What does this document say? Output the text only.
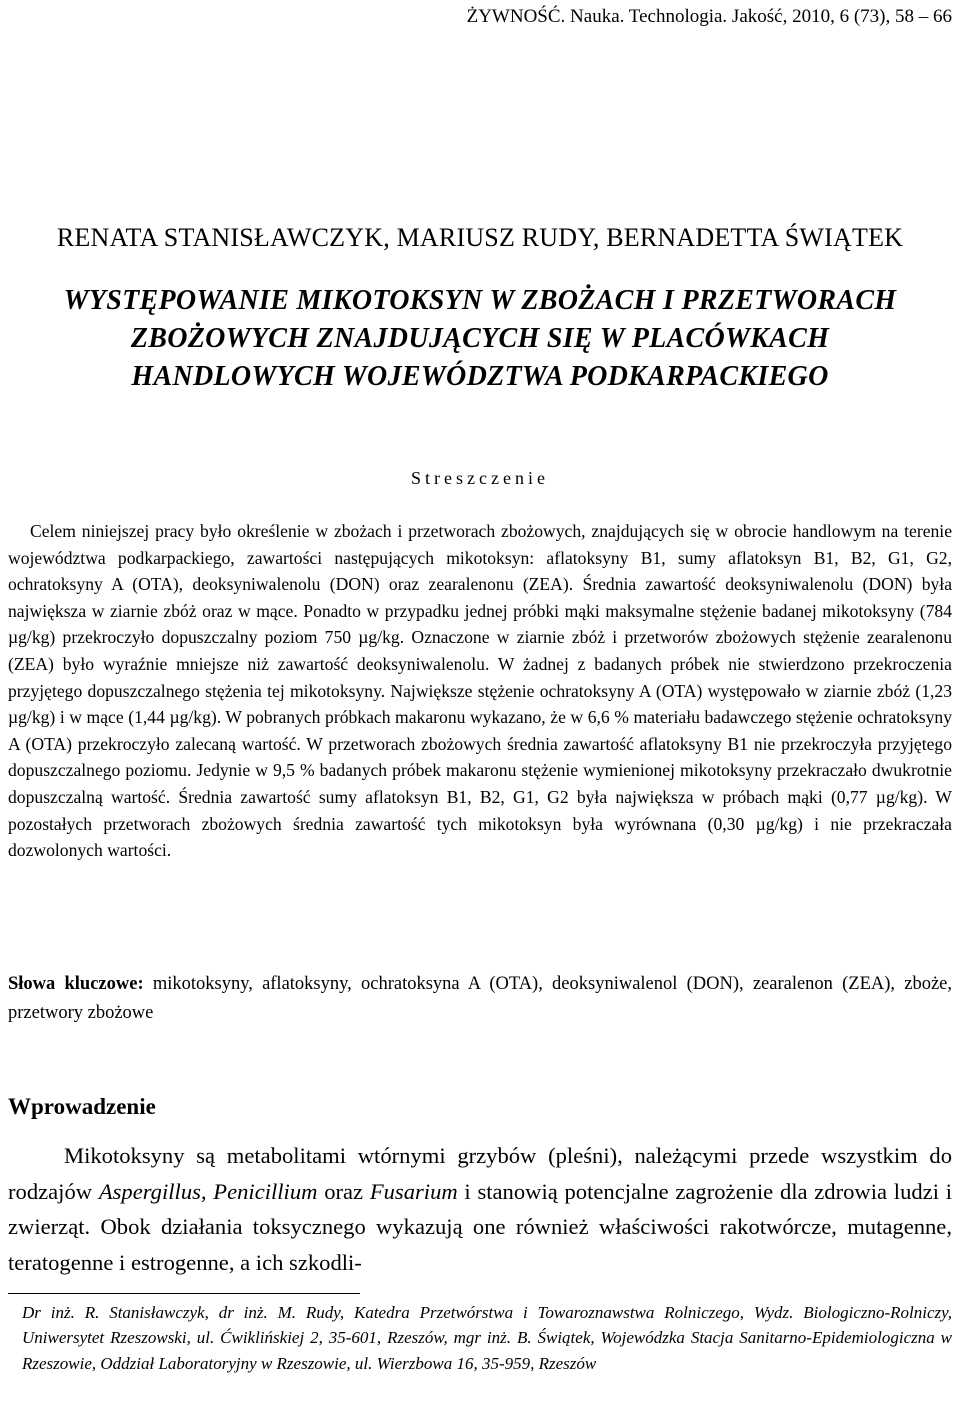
ŻYWNOŚĆ. Nauka. Technologia. Jakość, 2010, 6 (73), 58 – 66
RENATA STANISŁAWCZYK, MARIUSZ RUDY, BERNADETTA ŚWIĄTEK
WYSTĘPOWANIE MIKOTOKSYN W ZBOŻACH I PRZETWORACH
ZBOŻOWYCH ZNAJDUJĄCYCH SIĘ W PLACÓWKACH
HANDLOWYCH WOJEWÓDZTWA PODKARPACKIEGO
Streszczenie

Celem niniejszej pracy było określenie w zbożach i przetworach zbożowych, znajdujących się w obrocie handlowym na terenie województwa podkarpackiego, zawartości następujących mikotoksyn: aflatoksyny B1, sumy aflatoksyn B1, B2, G1, G2, ochratoksyny A (OTA), deoksyniwalenolu (DON) oraz zearalenonu (ZEA). Średnia zawartość deoksyniwalenolu (DON) była największa w ziarnie zbóż oraz w mące. Ponadto w przypadku jednej próbki mąki maksymalne stężenie badanej mikotoksyny (784 µg/kg) przekroczyło dopuszczalny poziom 750 µg/kg. Oznaczone w ziarnie zbóż i przetworów zbożowych stężenie zearalenonu (ZEA) było wyraźnie mniejsze niż zawartość deoksyniwalenolu. W żadnej z badanych próbek nie stwierdzono przekroczenia przyjętego dopuszczalnego stężenia tej mikotoksyny. Największe stężenie ochratoksyny A (OTA) występowało w ziarnie zbóż (1,23 µg/kg) i w mące (1,44 µg/kg). W pobranych próbkach makaronu wykazano, że w 6,6 % materiału badawczego stężenie ochratoksyny A (OTA) przekroczyło zalecaną wartość. W przetworach zbożowych średnia zawartość aflatoksyny B1 nie przekroczyła przyjętego dopuszczalnego poziomu. Jedynie w 9,5 % badanych próbek makaronu stężenie wymienionej mikotoksyny przekraczało dwukrotnie dopuszczalną wartość. Średnia zawartość sumy aflatoksyn B1, B2, G1, G2 była największa w próbach mąki (0,77 µg/kg). W pozostałych przetworach zbożowych średnia zawartość tych mikotoksyn była wyrównana (0,30 µg/kg) i nie przekraczała dozwolonych wartości.

Słowa kluczowe: mikotoksyny, aflatoksyny, ochratoksyna A (OTA), deoksyniwalenol (DON), zearalenon (ZEA), zboże, przetwory zbożowe
Wprowadzenie

Mikotoksyny są metabolitami wtórnymi grzybów (pleśni), należącymi przede wszystkim do rodzajów Aspergillus, Penicillium oraz Fusarium i stanowią potencjalne zagrożenie dla zdrowia ludzi i zwierząt. Obok działania toksycznego wykazują one również właściwości rakotwórcze, mutagenne, teratogenne i estrogenne, a ich szkodli-

Dr inż. R. Stanisławczyk, dr inż. M. Rudy, Katedra Przetwórstwa i Towaroznawstwa Rolniczego, Wydz. Biologiczno-Rolniczy, Uniwersytet Rzeszowski, ul. Ćwiklińskiej 2, 35-601, Rzeszów, mgr inż. B. Świątek, Wojewódzka Stacja Sanitarno-Epidemiologiczna w Rzeszowie, Oddział Laboratoryjny w Rzeszowie, ul. Wierzbowa 16, 35-959, Rzeszów
